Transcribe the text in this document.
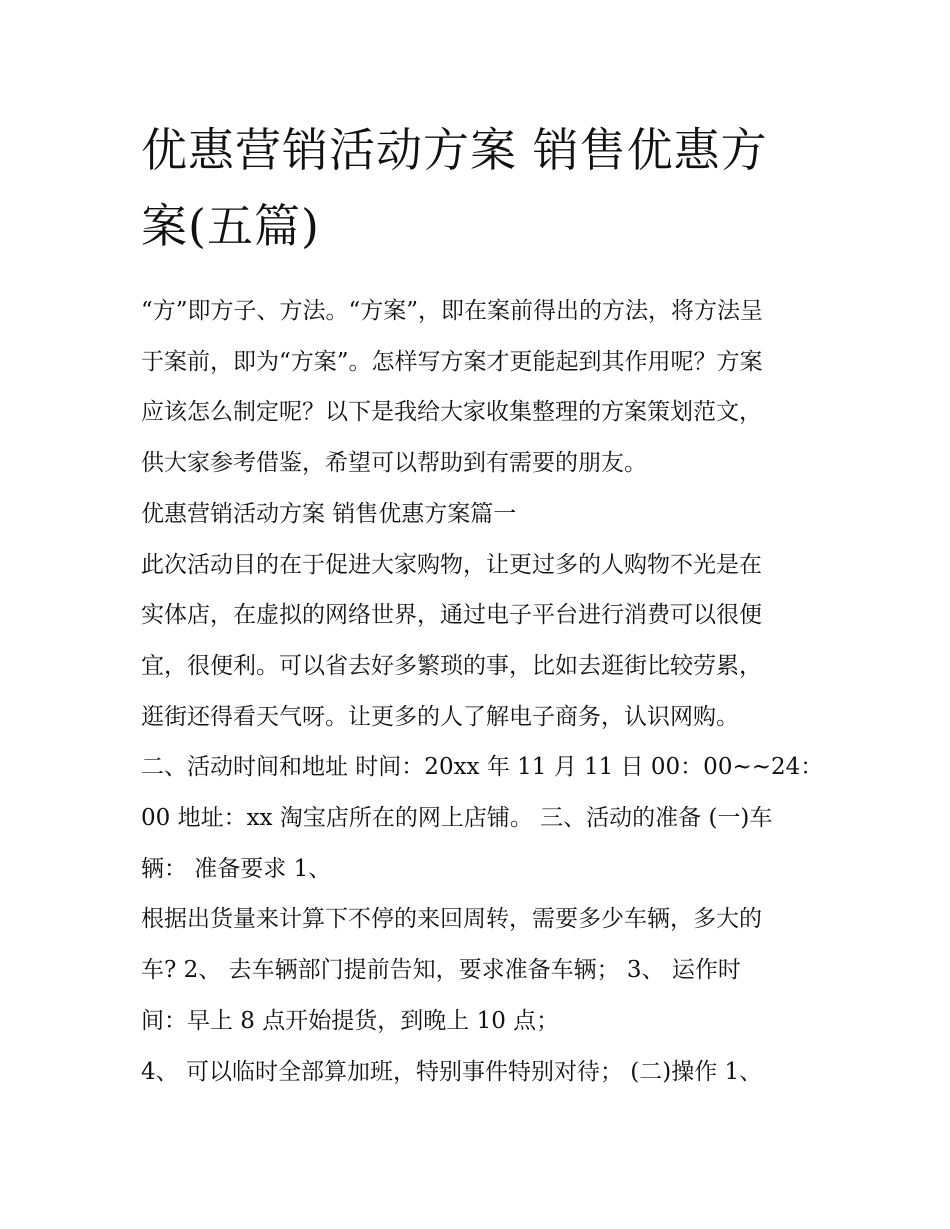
优惠营销活动方案 销售优惠方
案(五篇)

“方”即方子、方法。“方案”，即在案前得出的方法，将方法呈

于案前，即为“方案”。怎样写方案才更能起到其作用呢？方案

应该怎么制定呢？以下是我给大家收集整理的方案策划范文，

供大家参考借鉴，希望可以帮助到有需要的朋友。

优惠营销活动方案 销售优惠方案篇一

此次活动目的在于促进大家购物，让更过多的人购物不光是在

实体店，在虚拟的网络世界，通过电子平台进行消费可以很便

宜，很便利。可以省去好多繁琐的事，比如去逛街比较劳累，

逛街还得看天气呀。让更多的人了解电子商务，认识网购。

二、活动时间和地址 时间：20xx 年 11 月 11 日 00：00~~24：

00 地址：xx 淘宝店所在的网上店铺。 三、活动的准备 (一)车

辆： 准备要求 1、

根据出货量来计算下不停的来回周转，需要多少车辆，多大的

车? 2、 去车辆部门提前告知，要求准备车辆； 3、 运作时

间：早上 8 点开始提货，到晚上 10 点；

4、 可以临时全部算加班，特别事件特别对待； (二)操作 1、
